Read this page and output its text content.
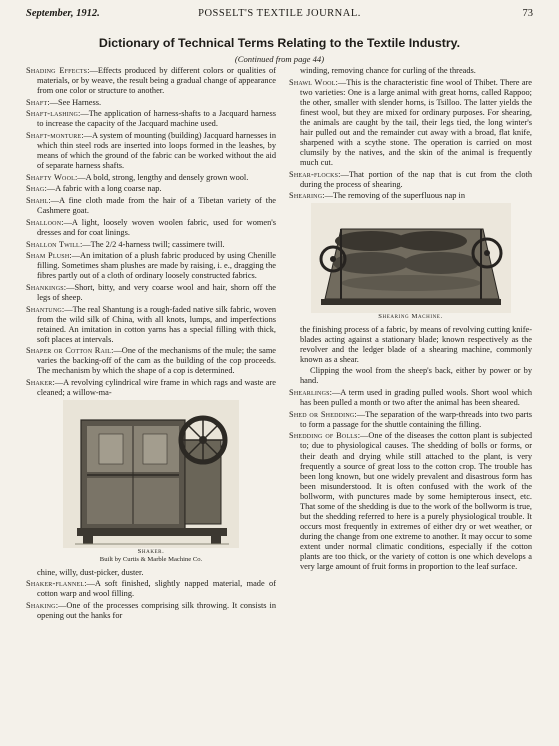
September, 1912.	POSSELT'S TEXTILE JOURNAL.	73
Dictionary of Technical Terms Relating to the Textile Industry.
(Continued from page 44)
Shading Effects:—Effects produced by different colors or qualities of materials, or by weave, the result being a gradual change of appearance from one color or structure to another.
Shaft:—See Harness.
Shaft-lashing:—The application of harness-shafts to a Jacquard harness to increase the capacity of the Jacquard machine used.
Shaft-monture:—A system of mounting (building) Jacquard harnesses in which thin steel rods are inserted into loops formed in the leashes, by means of which the ground of the fabric can be worked without the aid of separate harness shafts.
Shafty Wool:—A bold, strong, lengthy and densely grown wool.
Shag:—A fabric with a long coarse nap.
Shahl:—A fine cloth made from the hair of a Tibetan variety of the Cashmere goat.
Shalloon:—A light, loosely woven woolen fabric, used for women's dresses and for coat linings.
Shallon Twill:—The 2/2 4-harness twill; cassimere twill.
Sham Plush:—An imitation of a plush fabric produced by using Chenille filling. Sometimes sham plushes are made by raising, i. e., dragging the fibres partly out of a cloth of ordinary loosely constructed fabrics.
Shankings:—Short, bitty, and very coarse wool and hair, shorn off the legs of sheep.
Shantung:—The real Shantung is a rough-faded native silk fabric, woven from the wild silk of China, with all knots, lumps, and imperfections retained. An imitation in cotton yarns has a special filling with thick, soft places at intervals.
Shaper or Cotton Rail:—One of the mechanisms of the mule; the same varies the backing-off of the cam as the building of the cop proceeds. The mechanism by which the shape of a cop is determined.
Shaker:—A revolving cylindrical wire frame in which rags and waste are cleaned; a willow-ma-
Shaker.
Built by Curtis & Marble Machine Co.
chine, willy, dust-picker, duster.
Shaker-flannel:—A soft finished, slightly napped material, made of cotton warp and wool filling.
Shaking:—One of the processes comprising silk throwing. It consists in opening out the hanks for
winding, removing chance for curling of the threads.
Shawl Wool:—This is the characteristic fine wool of Thibet. There are two varieties: One is a large animal with great horns, called Rappoo; the other, smaller with slender horns, is Tsilloo. The latter yields the finest wool, but they are mixed for ordinary purposes. For shearing, the animals are caught by the tail, their legs tied, the long winter's hair pulled out and the remainder cut away with a broad, flat knife, sharpened with a scythe stone. The operation is carried on most clumsily by the natives, and the skin of the animal is frequently much cut.
Shear-flocks:—That portion of the nap that is cut from the cloth during the process of shearing.
Shearing:—The removing of the superfluous nap in
Shearing Machine.
the finishing process of a fabric, by means of revolving cutting knife-blades acting against a stationary blade; known respectively as the revolver and the ledger blade of a shearing machine, commonly known as a shear.
Clipping the wool from the sheep's back, either by power or by hand.
Shearlings:—A term used in grading pulled wools. Short wool which has been pulled a month or two after the animal has been sheared.
Shed or Shedding:—The separation of the warp-threads into two parts to form a passage for the shuttle containing the filling.
Shedding of Bolls:—One of the diseases the cotton plant is subjected to; due to physiological causes. The shedding of bolls or forms, or their death and drying while still attached to the plant, is very frequently a source of great loss to the cotton crop. The trouble has been long known, but one widely prevalent and disastrous form has been misunderstood. It is often confused with the work of the bollworm, with punctures made by some hemipterous insect, etc. That some of the shedding is due to the work of the bollworm is true, but the shedding referred to here is a purely physiological trouble. It occurs most frequently in extremes of either dry or wet weather, or during the change from one extreme to another. It may occur to some extent under normal climatic conditions, especially if the cotton plants are too thick, or the variety of cotton is one which develops a very large amount of fruit forms in proportion to the leaf surface.
